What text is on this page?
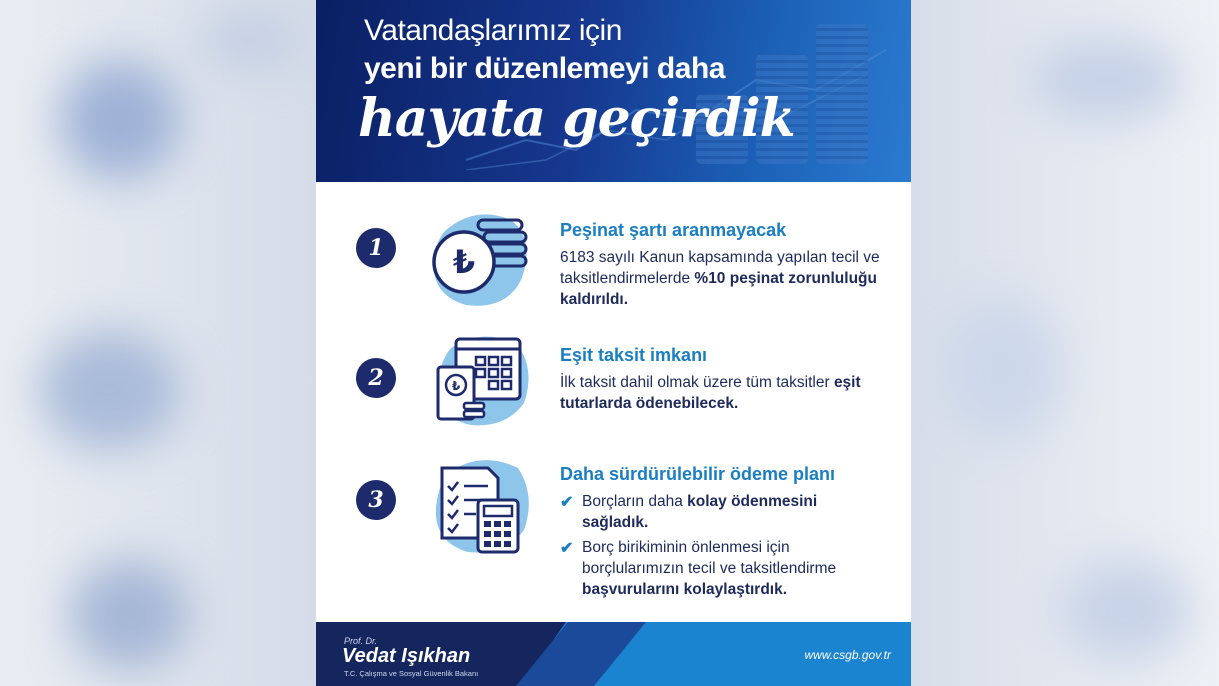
Vatandaşlarımız için
yeni bir düzenlemeyi daha
hayata geçirdik
1	₺
Peşinat şartı aranmayacak
6183 sayılı Kanun kapsamında yapılan tecil ve taksitlendirmelerde %10 peşinat zorunluluğu kaldırıldı.
2	₺
Eşit taksit imkanı
İlk taksit dahil olmak üzere tüm taksitler eşit tutarlarda ödenebilecek.
3
Daha sürdürülebilir ödeme planı
✔ Borçların daha kolay ödenmesini sağladık.
✔ Borç birikiminin önlenmesi için borçlularımızın tecil ve taksitlendirme başvurularını kolaylaştırdık.
Prof. Dr.
Vedat Işıkhan
T.C. Çalışma ve Sosyal Güvenlik Bakanı
www.csgb.gov.tr
